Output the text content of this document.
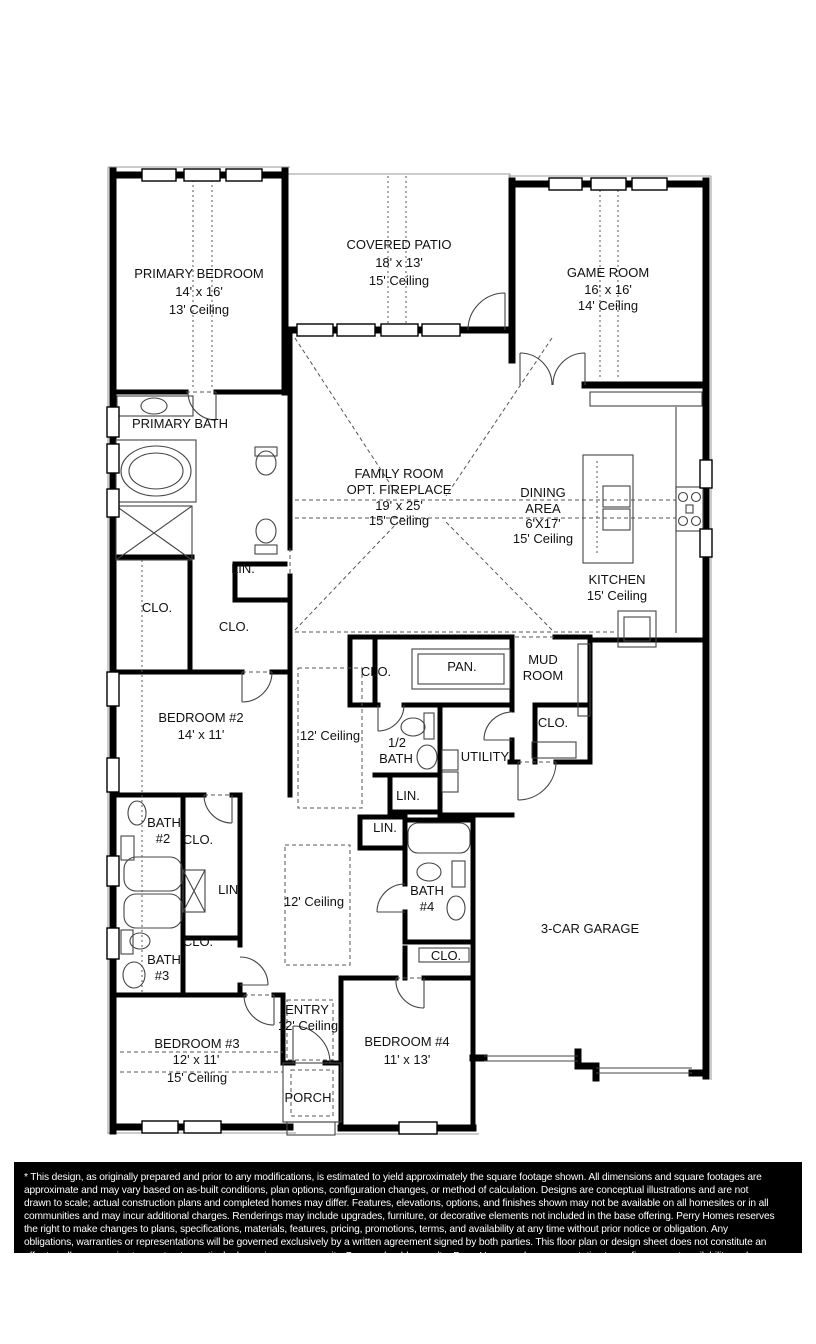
PRIMARY BEDROOM
14' x 16'
13' Ceiling
COVERED PATIO
18' x 13'
15' Ceiling
GAME ROOM
16' x 16'
14' Ceiling
PRIMARY BATH
LIN.
CLO.
CLO.
FAMILY ROOM
OPT. FIREPLACE
19' x 25'
15' Ceiling
DINING
AREA
6'X17'
15' Ceiling
KITCHEN
15' Ceiling
BEDROOM #2
14' x 11'	12' Ceiling
CLO.	PAN.	MUD
ROOM
CLO.
1/2
BATH	UTILITY
LIN.
LIN.
BATH
#2 CLO.
LIN.
CLO.
BATH
#3
12' Ceiling
BATH
#4
CLO.
3-CAR GARAGE
BEDROOM #3
12' x 11'
15' Ceiling
ENTRY
12' Ceiling
PORCH
BEDROOM #4
11' x 13'
* This design, as originally prepared and prior to any modifications, is estimated to yield approximately the square footage shown. All dimensions and square footages are
approximate and may vary based on as-built conditions, plan options, configuration changes, or method of calculation. Designs are conceptual illustrations and are not
drawn to scale; actual construction plans and completed homes may differ. Features, elevations, options, and finishes shown may not be available on all homesites or in all
communities and may incur additional charges. Renderings may include upgrades, furniture, or decorative elements not included in the base offering. Perry Homes reserves
the right to make changes to plans, specifications, materials, features, pricing, promotions, terms, and availability at any time without prior notice or obligation. Any
obligations, warranties or representations will be governed exclusively by a written agreement signed by both parties. This floor plan or design sheet does not constitute an
offer to sell or a promise to construct a particular home in any community. Buyers should consult a Perry Homes sales representative to confirm current availability and
